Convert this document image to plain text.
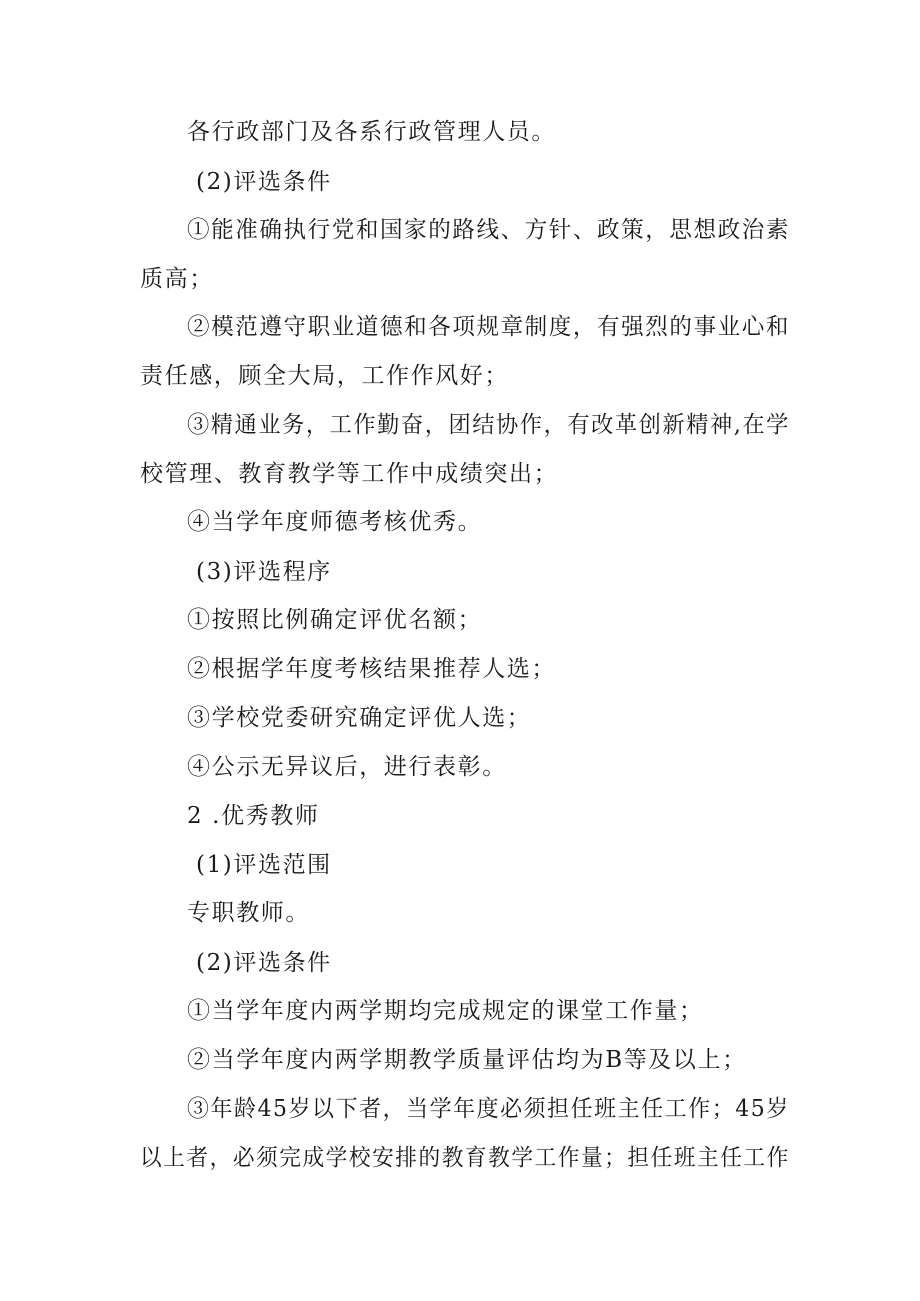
各行政部门及各系行政管理人员。
(2)评选条件
①能准确执行党和国家的路线、方针、政策，思想政治素
质高；
②模范遵守职业道德和各项规章制度，有强烈的事业心和
责任感，顾全大局，工作作风好；
③精通业务，工作勤奋，团结协作，有改革创新精神,在学
校管理、教育教学等工作中成绩突出；
④当学年度师德考核优秀。
(3)评选程序
①按照比例确定评优名额；
②根据学年度考核结果推荐人选；
③学校党委研究确定评优人选；
④公示无异议后，进行表彰。
2 .优秀教师
(1)评选范围
专职教师。
(2)评选条件
①当学年度内两学期均完成规定的课堂工作量；
②当学年度内两学期教学质量评估均为B等及以上；
③年龄45岁以下者，当学年度必须担任班主任工作；45岁
以上者，必须完成学校安排的教育教学工作量；担任班主任工作
